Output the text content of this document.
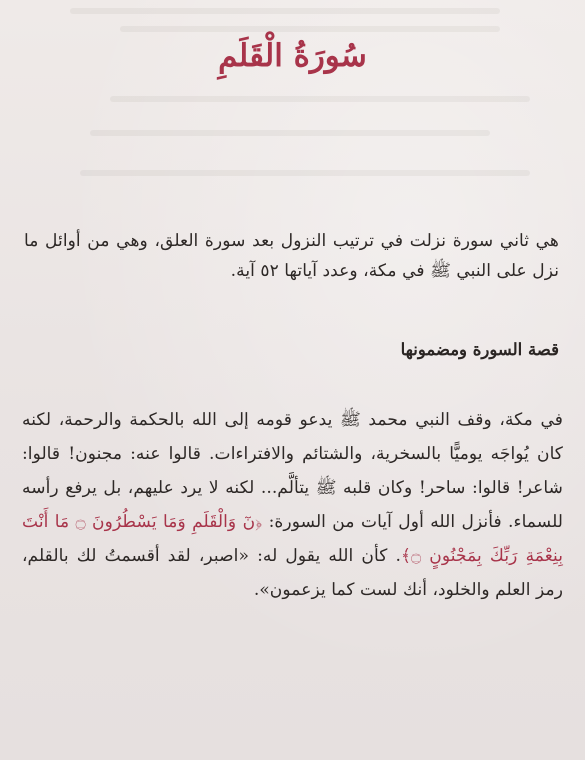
سُورَةُ الْقَلَمِ

هي ثاني سورة نزلت في ترتيب النزول بعد سورة العلق، وهي من أوائل ما نزل على النبي ﷺ في مكة، وعدد آياتها ٥٢ آية.

قصة السورة ومضمونها

في مكة، وقف النبي محمد ﷺ يدعو قومه إلى الله بالحكمة والرحمة، لكنه كان يُواجَه يوميًّا بالسخرية، والشتائم والافتراءات. قالوا عنه: مجنون! قالوا: شاعر! قالوا: ساحر! وكان قلبه ﷺ يتألَّم... لكنه لا يرد عليهم، بل يرفع رأسه للسماء. فأنزل الله أول آيات من السورة: ﴿نٓ وَالْقَلَمِ وَمَا يَسْطُرُونَ ۝ مَا أَنْتَ بِنِعْمَةِ رَبِّكَ بِمَجْنُونٍ ۝﴾. كأن الله يقول له: «اصبر، لقد أقسمتُ لك بالقلم، رمز العلم والخلود، أنك لست كما يزعمون».
